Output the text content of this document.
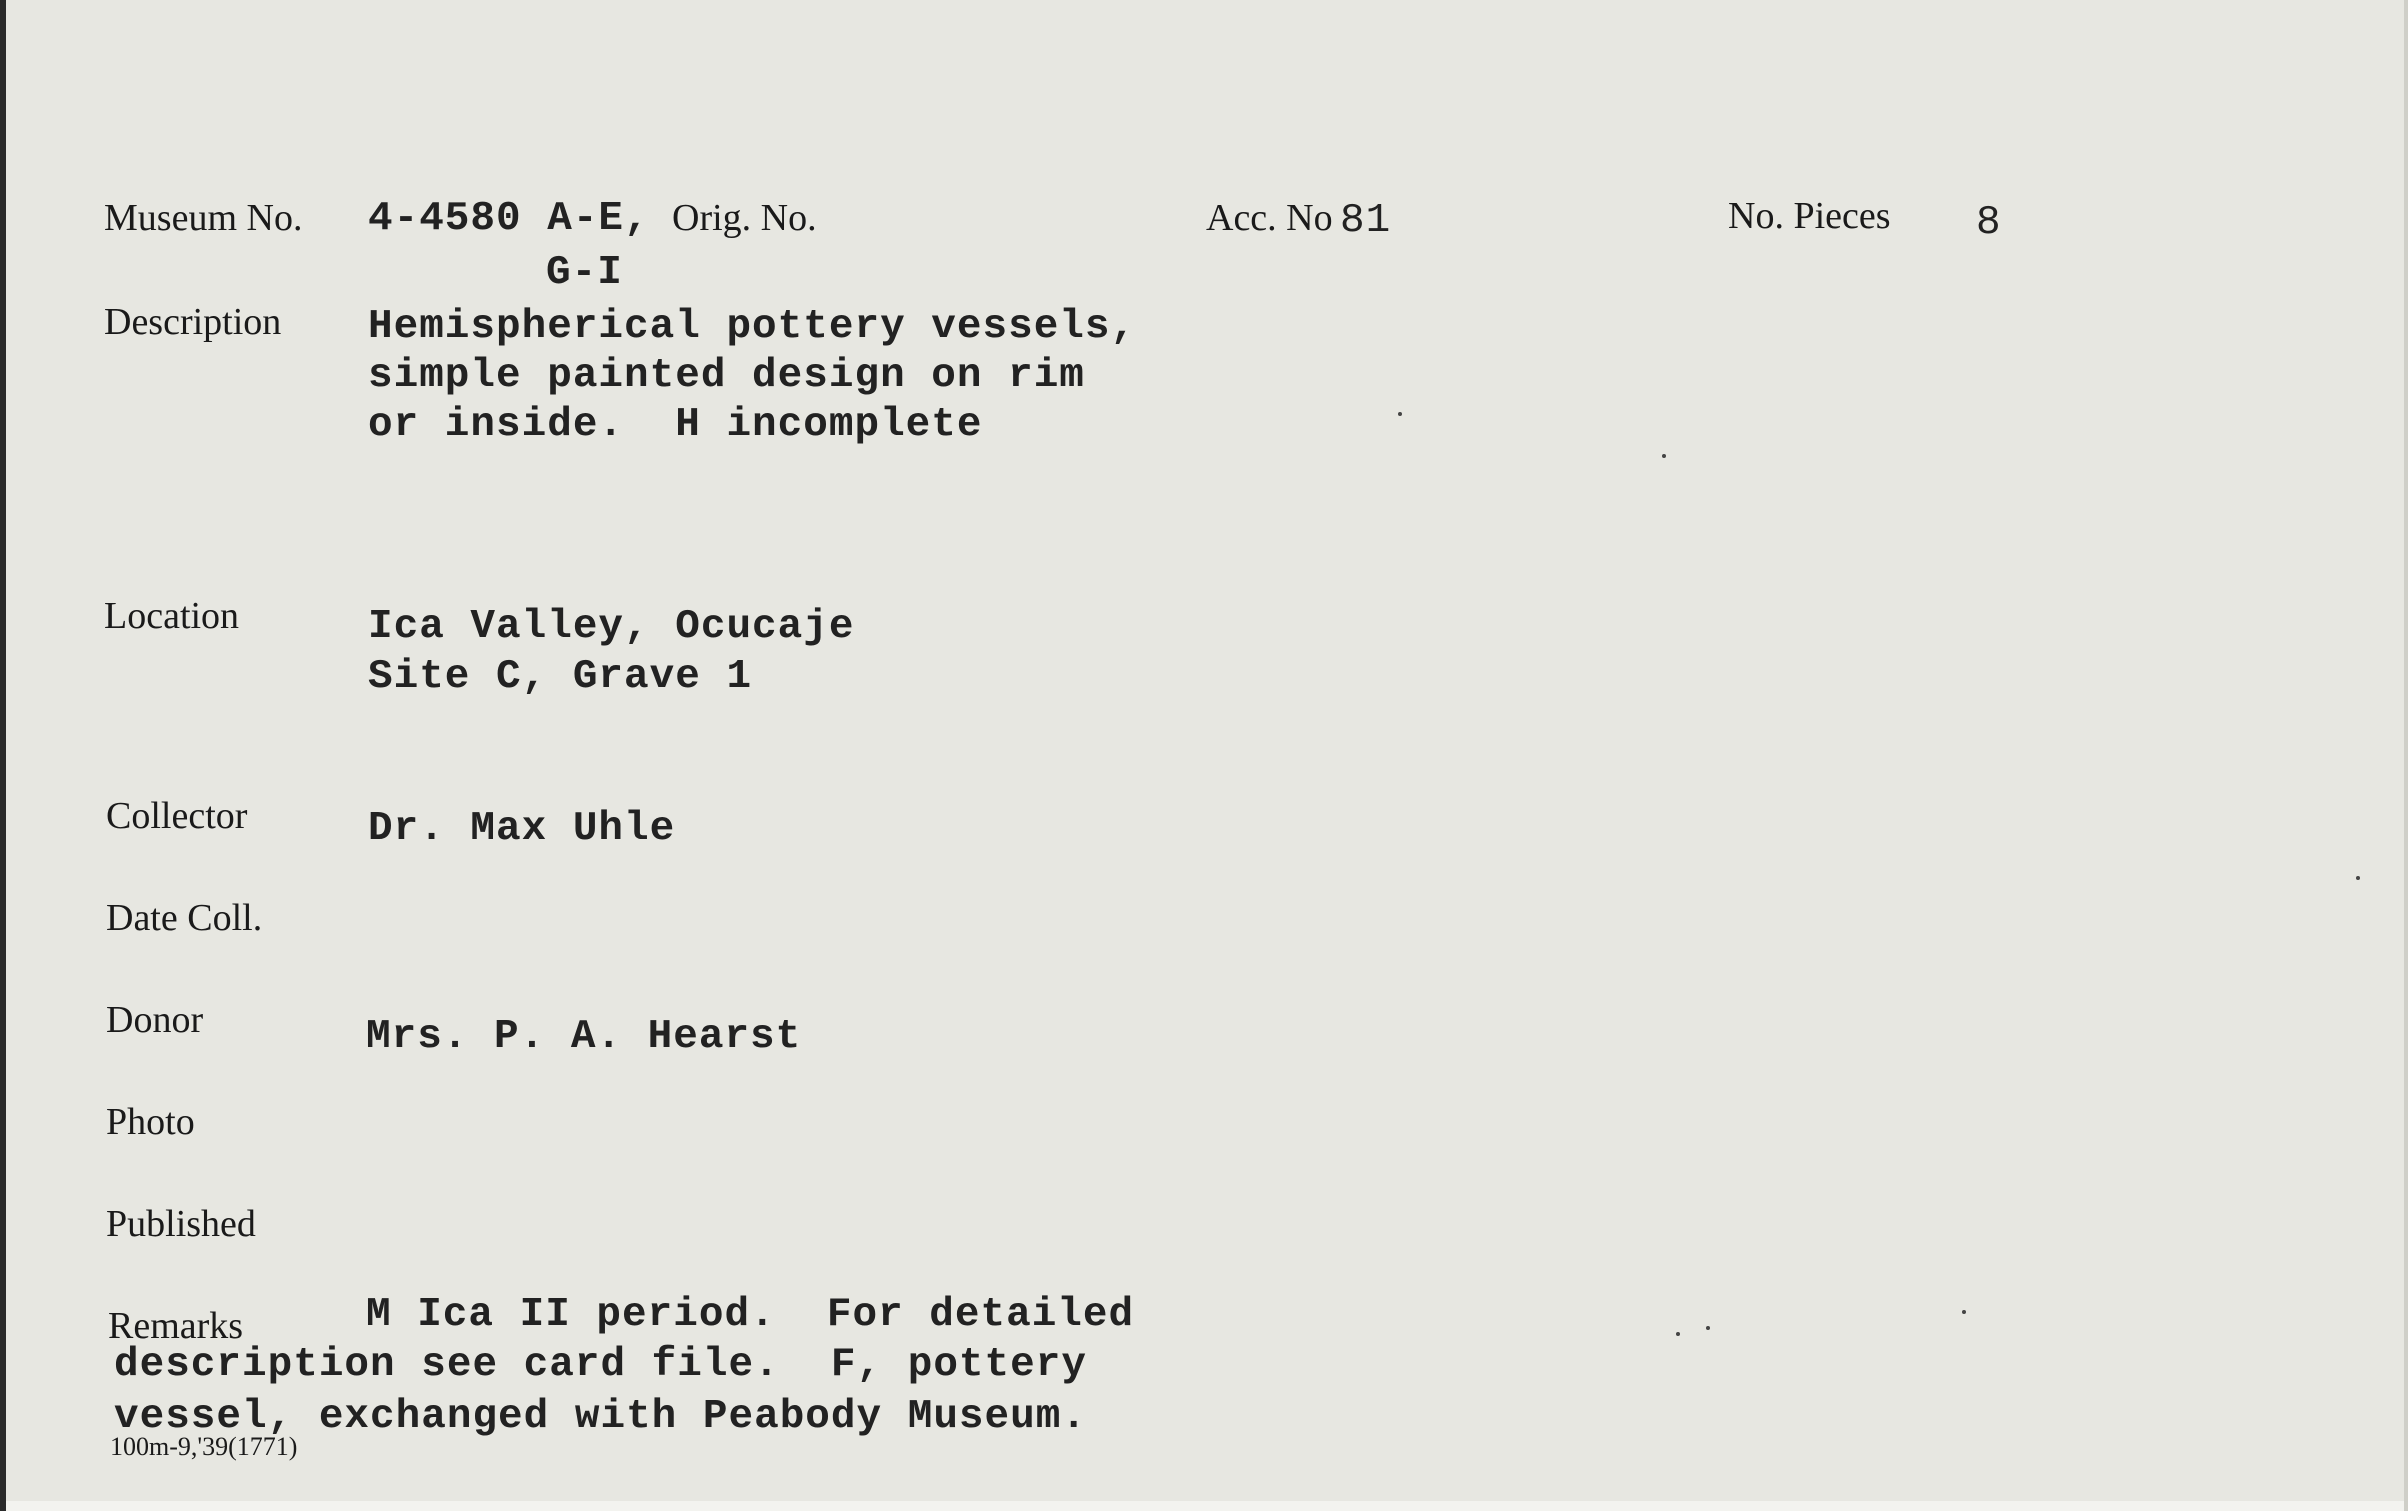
Museum No. 4-4580 A-E, Orig. No.
G-I
Acc. No 81	No. Pieces 8
Description Hemispherical pottery vessels,
simple painted design on rim
or inside.  H incomplete
Location	Ica Valley, Ocucaje
Site C, Grave 1
Collector	Dr. Max Uhle
Date Coll.
Donor	Mrs. P. A. Hearst
Photo
Published
Remarks	M Ica II period.  For detailed
description see card file.  F, pottery
vessel, exchanged with Peabody Museum.
100m-9,'39(1771)
